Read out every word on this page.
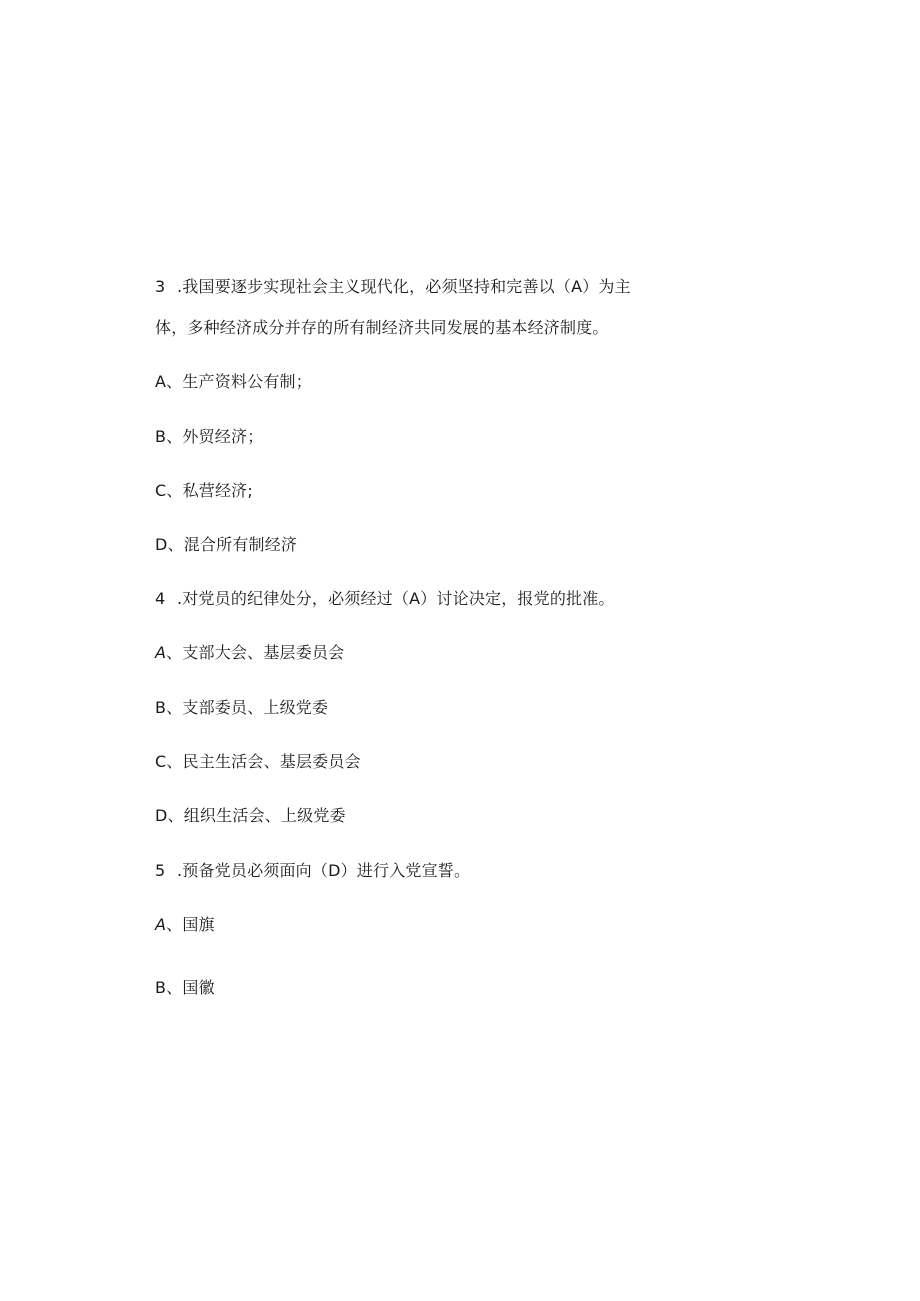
3 .我国要逐步实现社会主义现代化，必须坚持和完善以（A）为主
体，多种经济成分并存的所有制经济共同发展的基本经济制度。
A、生产资料公有制；
B、外贸经济；
C、私营经济;
D、混合所有制经济
4 .对党员的纪律处分，必须经过（A）讨论决定，报党的批准。
A、支部大会、基层委员会
B、支部委员、上级党委
C、民主生活会、基层委员会
D、组织生活会、上级党委
5 .预备党员必须面向（D）进行入党宣誓。
A、国旗
B、国徽
